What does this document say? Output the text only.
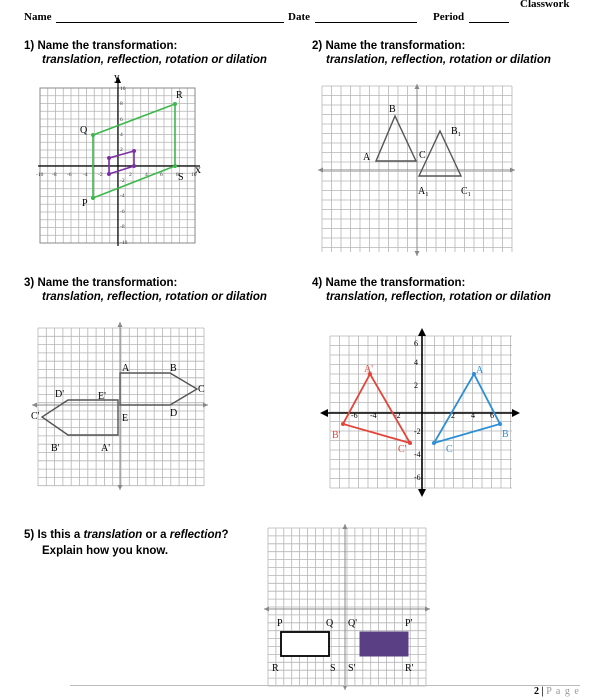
Classwork
Name	Date	Period
1) Name the transformation:
translation, reflection, rotation or dilation
2) Name the transformation:
translation, reflection, rotation or dilation
3) Name the transformation:
translation, reflection, rotation or dilation
4) Name the transformation:
translation, reflection, rotation or dilation
5) Is this a translation or a reflection?
Explain how you know.
y
x
10
8
6
4
2
-2
-4
-6
-8
-10
-10 -8 -6 -4 -2	2 4 6 8 10
R
Q
S
P
B
A	C
B₁
A₁	C₁
A	B
C
D
E
D'	E'
C'
B'	A'
-6 -4 -2	2 4 6
6
4
2
-2
-4
-6
A'
B'
C'
A
B
C
P	Q Q'	P'
R	S S'	R'
2 | P a g e
